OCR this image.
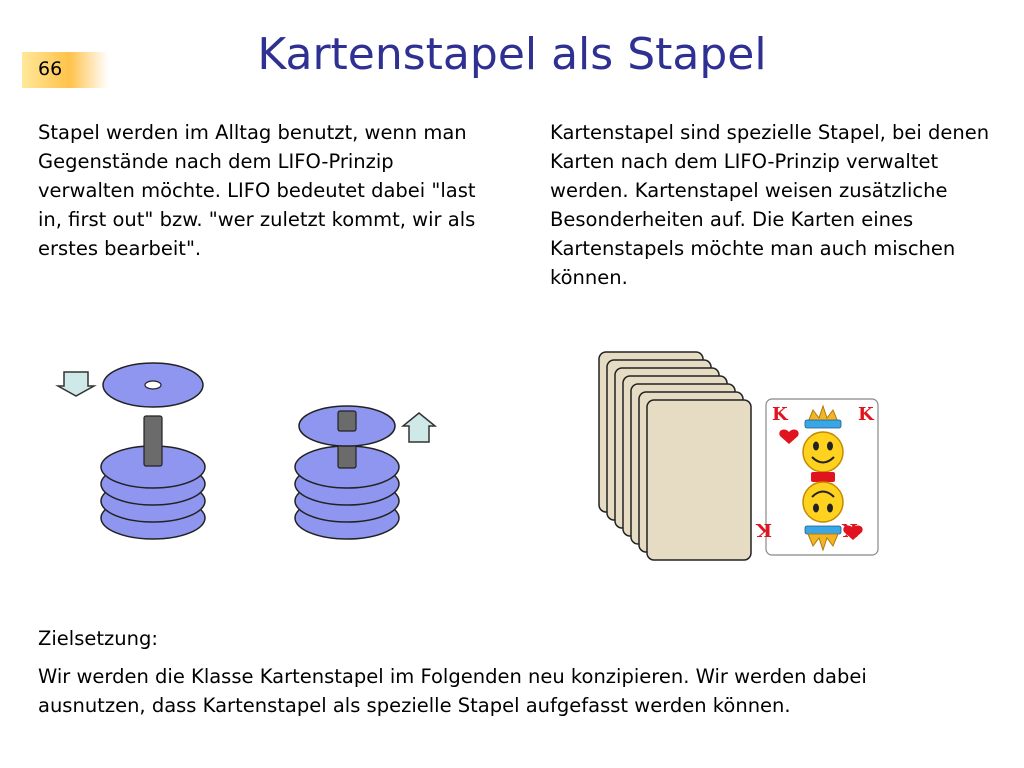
66	Kartenstapel als Stapel

Stapel werden im Alltag benutzt, wenn man Gegenstände nach dem LIFO-Prinzip verwalten möchte. LIFO bedeutet dabei "last in, first out" bzw. "wer zuletzt kommt, wir als erstes bearbeit".

Kartenstapel sind spezielle Stapel, bei denen Karten nach dem LIFO-Prinzip verwaltet werden. Kartenstapel weisen zusätzliche Besonderheiten auf. Die Karten eines Kartenstapels möchte man auch mischen können.

K	K
K	K

Zielsetzung:

Wir werden die Klasse Kartenstapel im Folgenden neu konzipieren. Wir werden dabei ausnutzen, dass Kartenstapel als spezielle Stapel aufgefasst werden können.
